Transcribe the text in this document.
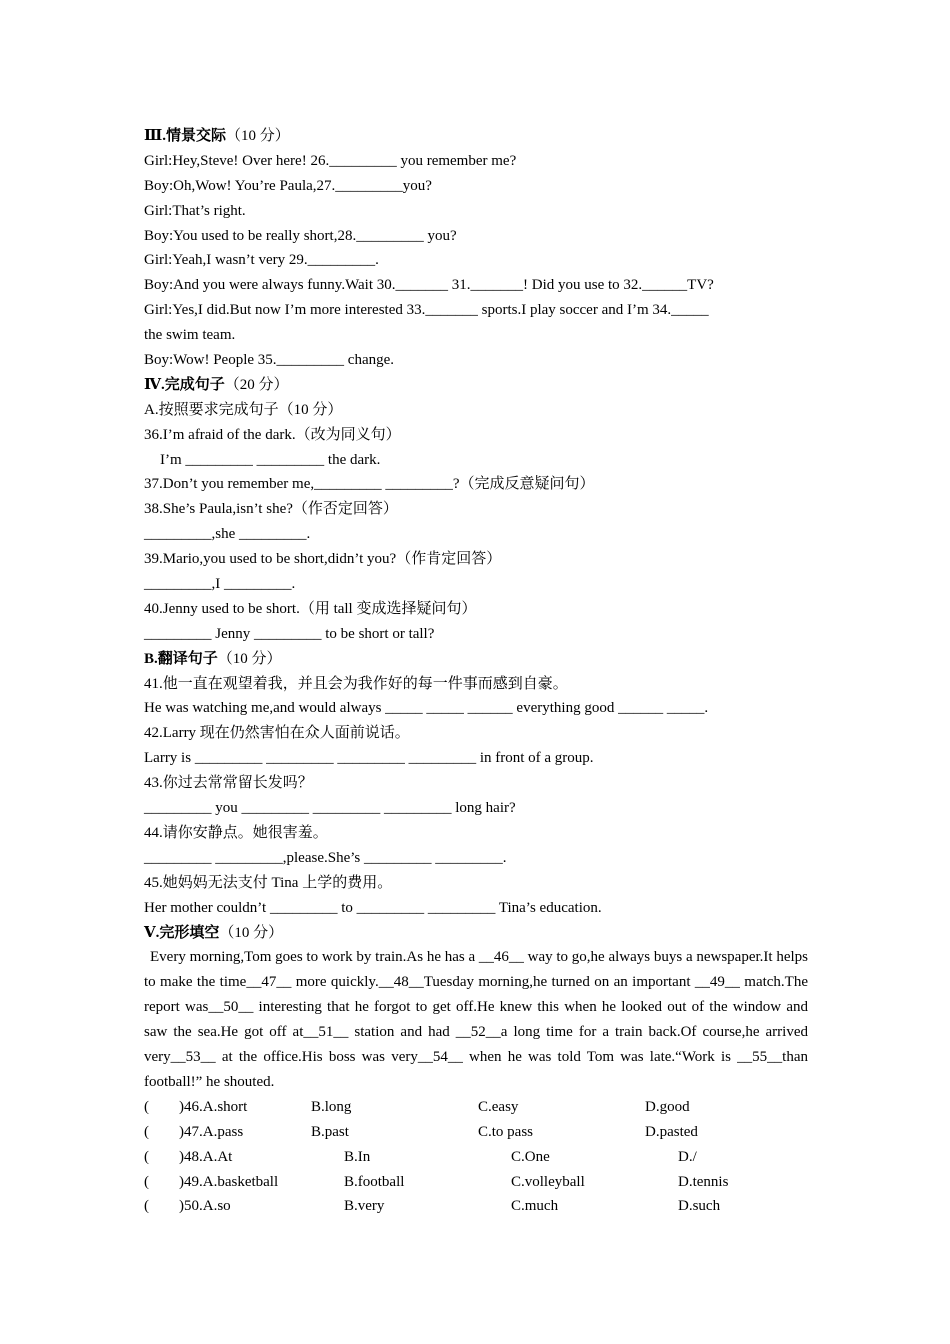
Ⅲ.情景交际（10 分）
Girl:Hey,Steve! Over here! 26._________ you remember me?
Boy:Oh,Wow! You’re Paula,27._________you?
Girl:That’s right.
Boy:You used to be really short,28._________ you?
Girl:Yeah,I wasn’t very 29._________.
Boy:And you were always funny.Wait 30._______ 31._______! Did you use to 32.______TV?
Girl:Yes,I did.But now I’m more interested 33._______ sports.I play soccer and I’m 34._____
the swim team.
Boy:Wow! People 35._________ change.
Ⅳ.完成句子（20 分）
A.按照要求完成句子（10 分）
36.I’m afraid of the dark.（改为同义句）
I’m _________ _________ the dark.
37.Don’t you remember me,_________ _________?（完成反意疑问句）
38.She’s Paula,isn’t she?（作否定回答）
_________,she _________.
39.Mario,you used to be short,didn’t you?（作肯定回答）
_________,I _________.
40.Jenny used to be short.（用 tall 变成选择疑问句）
_________ Jenny _________ to be short or tall?
B.翻译句子（10 分）
41.他一直在观望着我，并且会为我作好的每一件事而感到自豪。
He was watching me,and would always _____ _____ ______ everything good ______ _____.
42.Larry 现在仍然害怕在众人面前说话。
Larry is _________ _________ _________ _________ in front of a group.
43.你过去常常留长发吗？
_________ you _________ _________ _________ long hair?
44.请你安静点。她很害羞。
_________ _________,please.She’s _________ _________.
45.她妈妈无法支付 Tina 上学的费用。
Her mother couldn’t _________ to _________ _________ Tina’s education.
Ⅴ.完形填空（10 分）
Every morning,Tom goes to work by train.As he has a __46__ way to go,he always buys a newspaper.It helps to make the time__47__ more quickly.__48__Tuesday morning,he turned on an important __49__ match.The report was__50__ interesting that he forgot to get off.He knew this when he looked out of the window and saw the sea.He got off at__51__ station and had __52__a long time for a train back.Of course,he arrived very__53__ at the office.His boss was very__54__ when he was told Tom was late.“Work is __55__than football!” he shouted.
(        )46.A.short	B.long	C.easy	D.good
(        )47.A.pass	B.past	C.to pass	D.pasted
(        )48.A.At	B.In	C.One	D./
(        )49.A.basketball	B.football	C.volleyball	D.tennis
(        )50.A.so	B.very	C.much	D.such
